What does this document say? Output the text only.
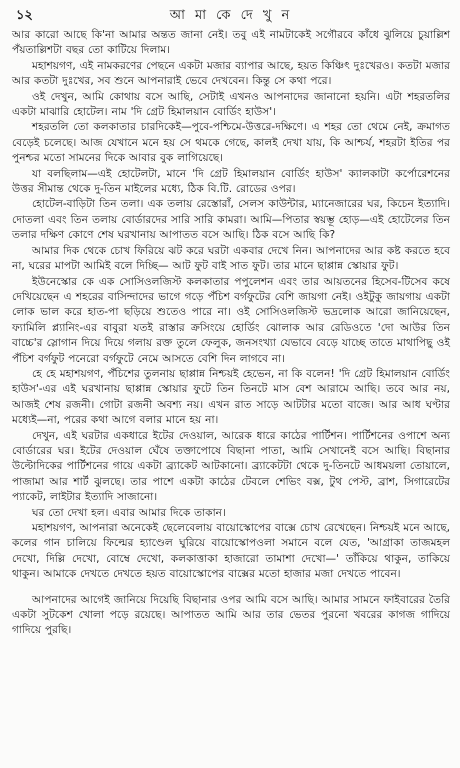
১২	আ মা কে দে খু ন

আর কারো আছে কি'না আমার অন্তত জানা নেই। তবু এই নামটাকেই সগৌরবে কাঁধে ঝুলিয়ে চুয়াল্লিশ পঁয়তাল্লিশটা বছর তো কাটিয়ে দিলাম।

মহাশয়গণ, এই নামকরণের পেছনে একটা মজার ব্যাপার আছে, হয়ত কিঞ্চিৎ দুঃখেরও। কতটা মজার আর কতটা দুঃখের, সব শুনে আপনারাই ভেবে দেখবেন। কিন্তু সে কথা পরে।

ওই দেখুন, আমি কোথায় বসে আছি, সেটাই এখনও আপনাদের জানানো হয়নি। এটা শহরতলির একটা মাঝারি হোটেল। নাম 'দি গ্রেট হিমালয়ান বোর্ডিং হাউস'।

শহরতলি তো কলকাতার চারদিকেই—পুবে-পশ্চিমে-উত্তরে-দক্ষিণে। এ শহর তো থেমে নেই, ক্রমাগত বেড়েই চলেছে। আজ যেখানে মনে হয় সে থমকে গেছে, কালই দেখা যায়, কি আশ্চর্য, শহরটা ইতির পর পুনশ্চর মতো সামনের দিকে আবার বুক লাগিয়েছে।

যা বলছিলাম—এই হোটেলটা, মানে 'দি গ্রেট হিমালয়ান বোর্ডিং হাউস' ক্যালকাটা কর্পোরেশনের উত্তর সীমান্ত থেকে দু-তিন মাইলের মধ্যে, ঠিক বি.টি. রোডের ওপর।

হোটেল-বাড়িটা তিন তলা। এক তলায় রেস্তোরাঁ, সেলস কাউন্টার, ম্যানেজারের ঘর, কিচেন ইত্যাদি। দোতলা এবং তিন তলায় বোর্ডারদের সারি সারি কামরা। আমি—পিতার স্বয়ম্ভূ হোড়—এই হোটেলের তিন তলার দক্ষিণ কোণে শেষ ঘরখানায় আপাতত বসে আছি। ঠিক বসে আছি কি?

আমার দিক থেকে চোখ ফিরিয়ে ঝট করে ঘরটা একবার দেখে নিন। আপনাদের আর কষ্ট করতে হবে না, ঘরের মাপটা আমিই বলে দিচ্ছি— আট ফুট বাই সাত ফুট। তার মানে ছাপ্পান্ন স্কোয়ার ফুট।

ইউনেস্কোর কে এক সোসিওলজিস্ট কলকাতার পপুলেশন এবং তার আয়তনের হিসেব-টিসেব কষে দেখিয়েছেন এ শহরের বাসিন্দাদের ভাগে গড়ে পঁচিশ বর্গফুটের বেশি জায়গা নেই। ওইটুকু জায়গায় একটা লোক ভাল করে হাত-পা ছড়িয়ে শুতেও পারে না। ওই সোসিওলজিস্ট ভদ্রলোক আরো জানিয়েছেন, ফ্যামিলি প্ল্যানিং-এর বাবুরা যতই রাস্তার ক্রসিংয়ে হোর্ডিং ঝোলাক আর রেডিওতে 'দো আউর তিন বাচ্চে'র স্লোগান দিয়ে দিয়ে গলায় রক্ত তুলে ফেলুক, জনসংখ্যা যেভাবে বেড়ে যাচ্ছে তাতে মাথাপিছু ওই পঁচিশ বর্গফুট পনেরো বর্গফুটে নেমে আসতে বেশি দিন লাগবে না।

হে হে মহাশয়গণ, পঁচিশের তুলনায় ছাপ্পান্ন নিশ্চয়ই হেভেন, না কি বলেন! 'দি গ্রেট হিমালয়ান বোর্ডিং হাউস'-এর এই ঘরখানায় ছাপ্পান্ন স্কোয়ার ফুটে তিন তিনটে মাস বেশ আরামে আছি। তবে আর নয়, আজই শেষ রজনী। গোটা রজনী অবশ্য নয়। এখন রাত সাড়ে আটটার মতো বাজে। আর আধ ঘণ্টার মধ্যেই—না, পরের কথা আগে বলার মানে হয় না।

দেখুন, এই ঘরটার একধারে ইটের দেওয়াল, আরেক ধারে কাঠের পার্টিশন। পার্টিশনের ওপাশে অন্য বোর্ডারের ঘর। ইটের দেওয়াল ঘেঁষে তক্তাপোষে বিছানা পাতা, আমি সেখানেই বসে আছি। বিছানার উল্টোদিকের পার্টিশনের গায়ে একটা ব্র্যাকেট আটকানো। ব্র্যাকেটটা থেকে দু-তিনটে আধময়লা তোয়ালে, পাজামা আর শার্ট ঝুলছে। তার পাশে একটা কাঠের টেবলে শেভিং বক্স, টুথ পেস্ট, ব্রাশ, সিগারেটের প্যাকেট, লাইটার ইত্যাদি সাজানো।

ঘর তো দেখা হল। এবার আমার দিকে তাকান।

মহাশয়গণ, আপনারা অনেকেই ছেলেবেলায় বায়োস্কোপের বাক্সে চোখ রেখেছেন। নিশ্চয়ই মনে আছে, কলের গান চালিয়ে ফিল্মের হ্যাণ্ডেল ঘুরিয়ে বায়োস্কোপওলা সমানে বলে যেত, 'আগ্রাকা তাজমহল দেখো, দিল্লি দেখো, বোম্বে দেখো, কলকাত্তাকা হাজারো তামাশা দেখো—' তাঁকিয়ে থাকুন, তাকিয়ে থাকুন। আমাকে দেখতে দেখতে হয়ত বায়োস্কোপের বাক্সের মতো হাজার মজা দেখতে পাবেন।

আপনাদের আগেই জানিয়ে দিয়েছি বিছানার ওপর আমি বসে আছি। আমার সামনে ফাইবারের তৈরি একটা সুটকেশ খোলা পড়ে রয়েছে। আপাতত আমি আর তার ভেতর পুরনো খবরের কাগজ গাদিয়ে গাদিয়ে পুরছি।
